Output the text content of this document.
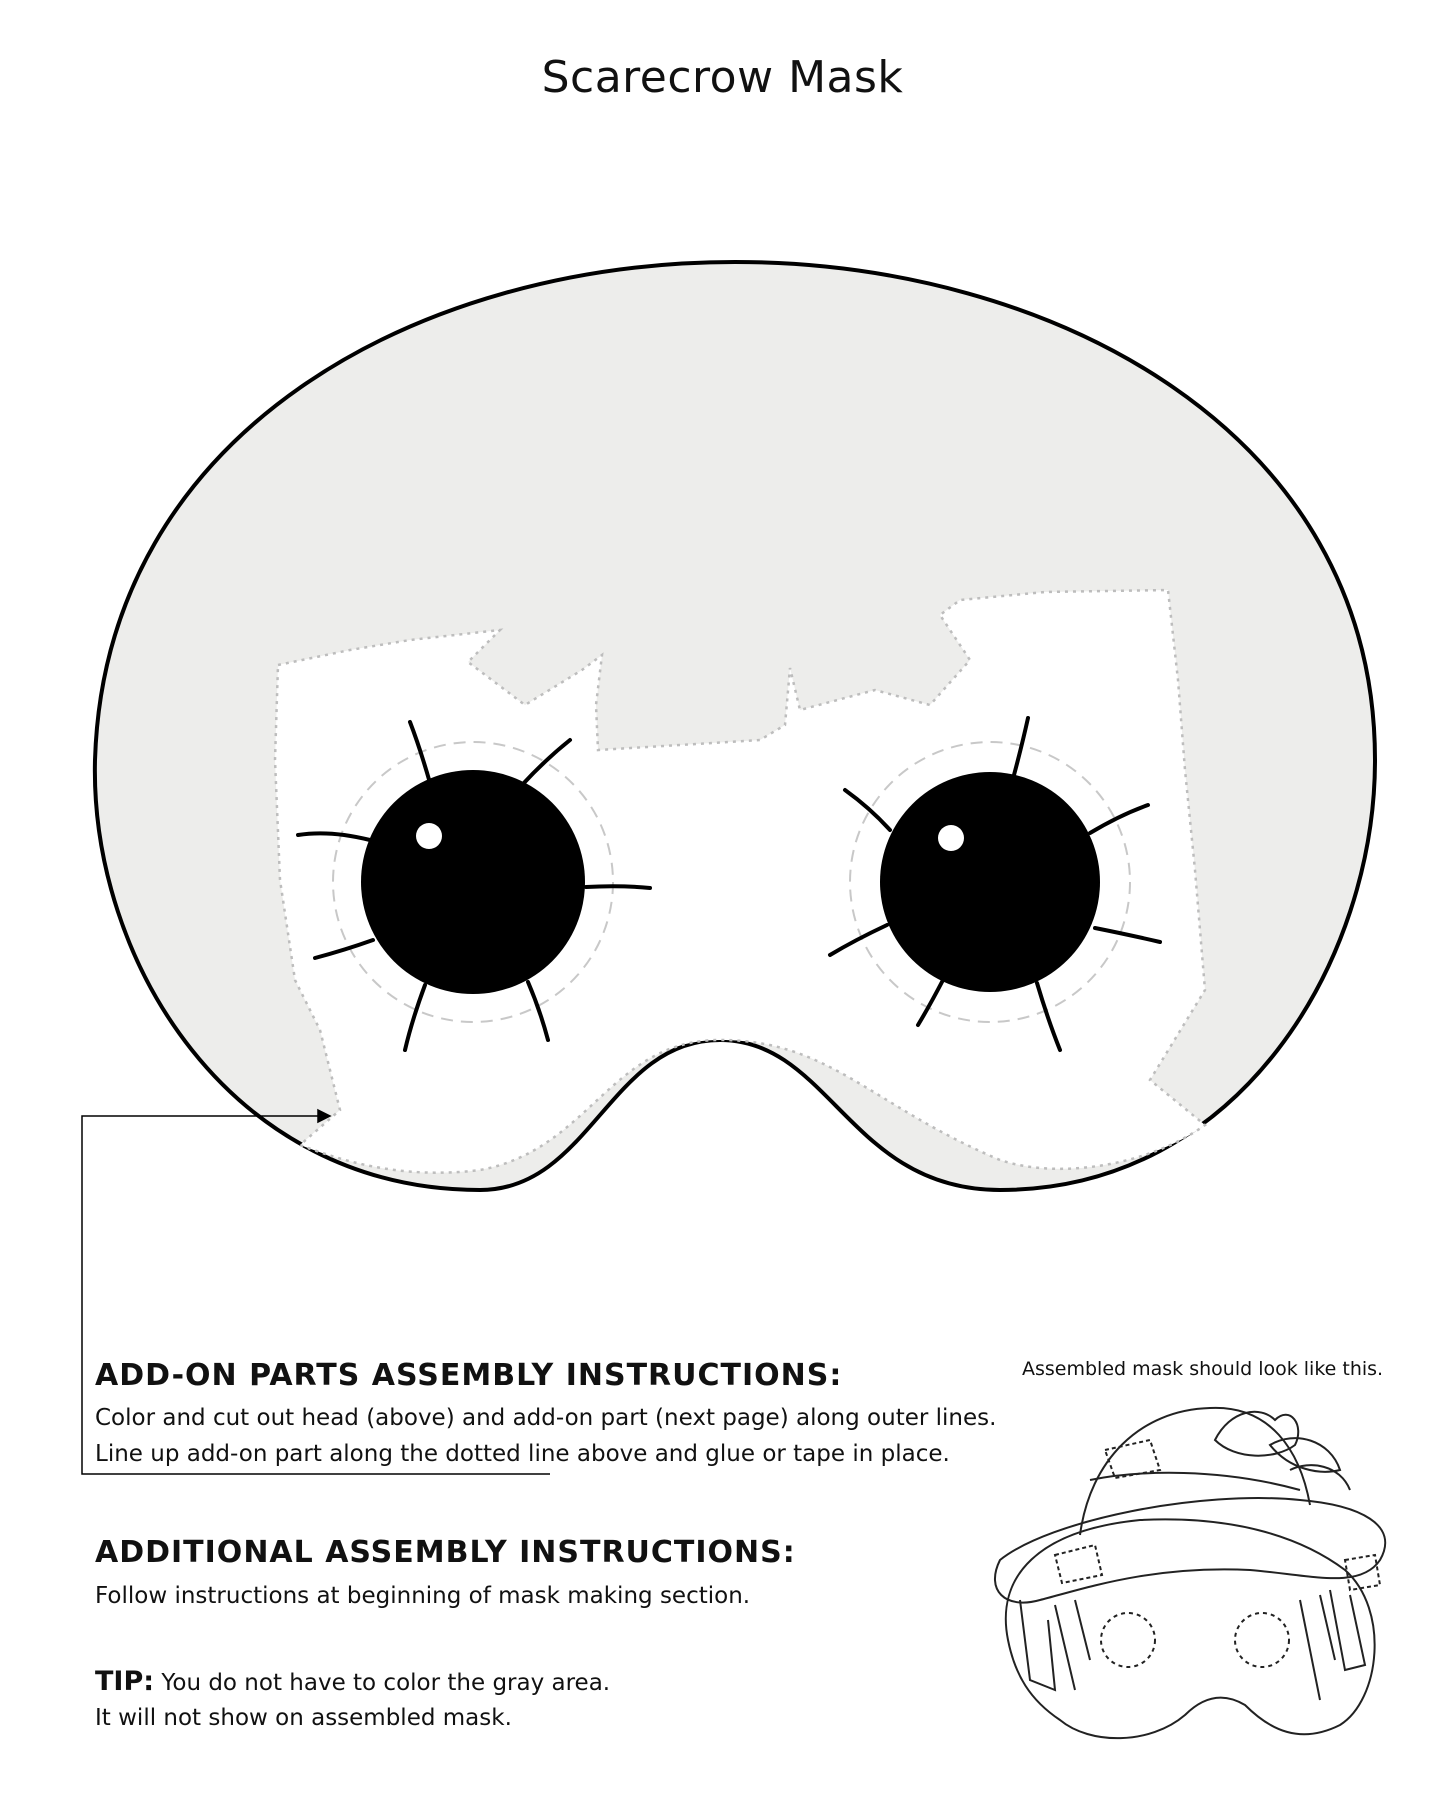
Scarecrow Mask
ADD-ON PARTS ASSEMBLY INSTRUCTIONS:
Color and cut out head (above) and add-on part (next page) along outer lines.
Line up add-on part along the dotted line above and glue or tape in place.
Assembled mask should look like this.
ADDITIONAL ASSEMBLY INSTRUCTIONS:
Follow instructions at beginning of mask making section.
TIP: You do not have to color the gray area.
It will not show on assembled mask.
